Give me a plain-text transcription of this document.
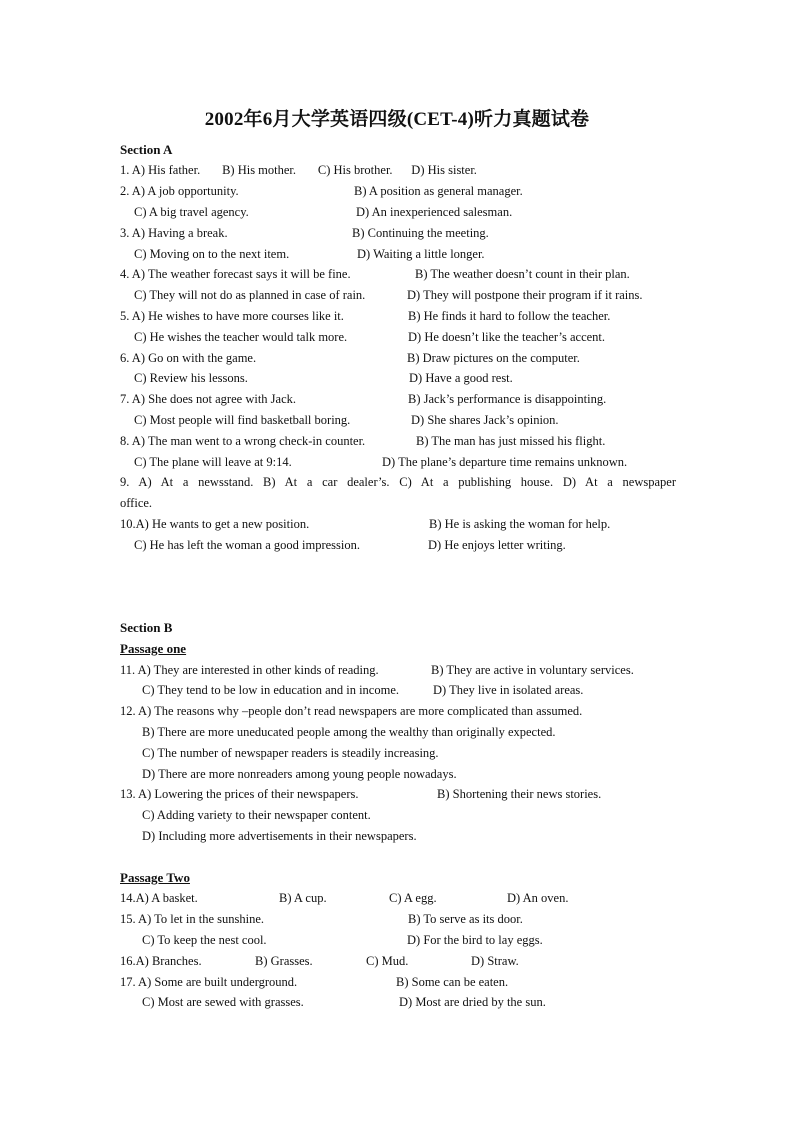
2002年6月大学英语四级(CET-4)听力真题试卷
Section A
1. A) His father.       B) His mother.       C) His brother.      D) His sister.
2. A) A job opportunity.	B) A position as general manager.
C) A big travel agency.	D) An inexperienced salesman.
3. A) Having a break.	B) Continuing the meeting.
C) Moving on to the next item.	D) Waiting a little longer.
4. A) The weather forecast says it will be fine.	B) The weather doesn’t count in their plan.
C) They will not do as planned in case of rain.	D) They will postpone their program if it rains.
5. A) He wishes to have more courses like it.	B) He finds it hard to follow the teacher.
C) He wishes the teacher would talk more.	D) He doesn’t like the teacher’s accent.
6. A) Go on with the game.	B) Draw pictures on the computer.
C) Review his lessons.	D) Have a good rest.
7. A) She does not agree with Jack.	B) Jack’s performance is disappointing.
C) Most people will find basketball boring.	D) She shares Jack’s opinion.
8. A) The man went to a wrong check-in counter.	B) The man has just missed his flight.
C) The plane will leave at 9:14.	D) The plane’s departure time remains unknown.
9. A) At a newsstand. B) At a car dealer’s. C) At a publishing house. D) At a newspaper
office.
10.A) He wants to get a new position.	B) He is asking the woman for help.
C) He has left the woman a good impression.	D) He enjoys letter writing.
Section B
Passage one
11. A) They are interested in other kinds of reading.	B) They are active in voluntary services.
C) They tend to be low in education and in income.	D) They live in isolated areas.
12. A) The reasons why –people don’t read newspapers are more complicated than assumed.
B) There are more uneducated people among the wealthy than originally expected.
C) The number of newspaper readers is steadily increasing.
D) There are more nonreaders among young people nowadays.
13. A) Lowering the prices of their newspapers.	B) Shortening their news stories.
C) Adding variety to their newspaper content.
D) Including more advertisements in their newspapers.
Passage Two
14.A) A basket.	B) A cup.	C) A egg.	D) An oven.
15. A) To let in the sunshine.	B) To serve as its door.
C) To keep the nest cool.	D) For the bird to lay eggs.
16.A) Branches.	B) Grasses.	C) Mud.	D) Straw.
17. A) Some are built underground.	B) Some can be eaten.
C) Most are sewed with grasses.	D) Most are dried by the sun.
